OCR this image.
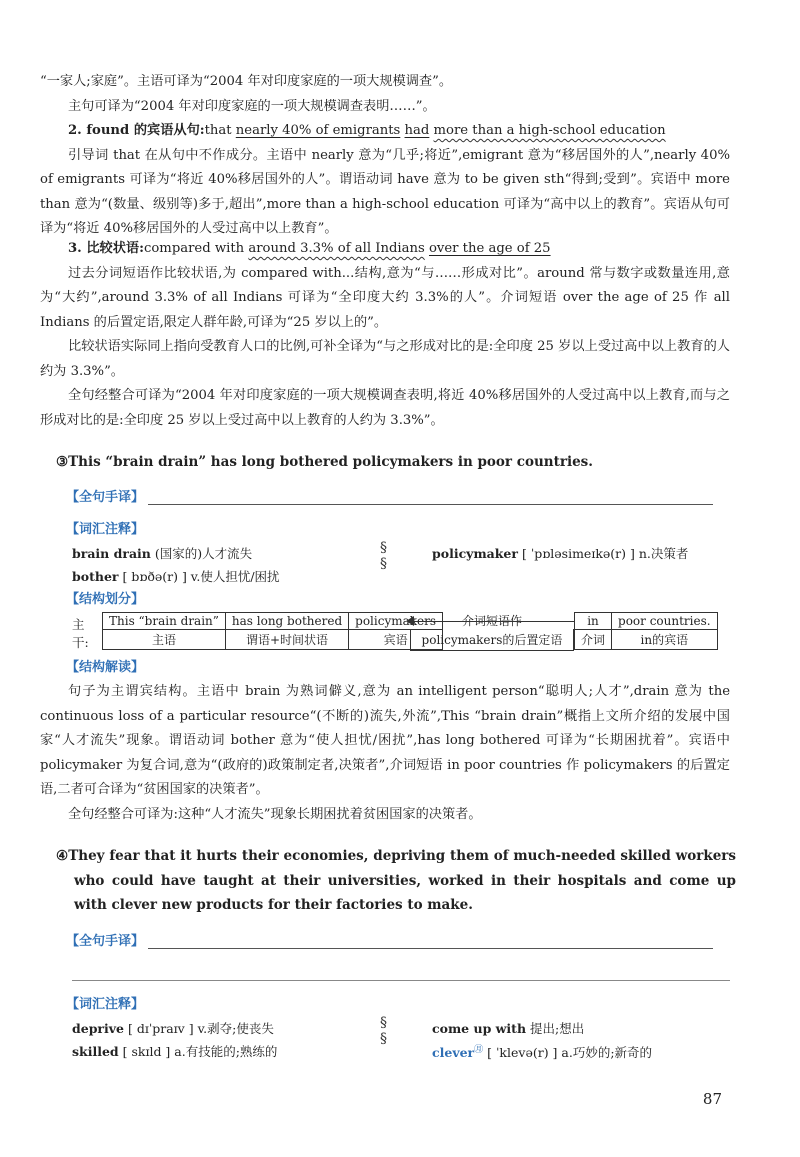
“一家人;家庭”。主语可译为“2004 年对印度家庭的一项大规模调查”。

主句可译为“2004 年对印度家庭的一项大规模调查表明……”。

2. found 的宾语从句:that nearly 40% of emigrants had more than a high-school education

引导词 that 在从句中不作成分。主语中 nearly 意为“几乎;将近”,emigrant 意为“移居国外的人”,nearly 40% of emigrants 可译为“将近 40%移居国外的人”。谓语动词 have 意为 to be given sth“得到;受到”。宾语中 more than 意为“(数量、级别等)多于,超出”,more than a high-school education 可译为“高中以上的教育”。宾语从句可译为“将近 40%移居国外的人受过高中以上教育”。

3. 比较状语:compared with around 3.3% of all Indians over the age of 25

过去分词短语作比较状语,为 compared with...结构,意为“与……形成对比”。around 常与数字或数量连用,意为“大约”,around 3.3% of all Indians 可译为“全印度大约 3.3%的人”。介词短语 over the age of 25 作 all Indians 的后置定语,限定人群年龄,可译为“25 岁以上的”。

比较状语实际同上指向受教育人口的比例,可补全译为“与之形成对比的是:全印度 25 岁以上受过高中以上教育的人约为 3.3%”。

全句经整合可译为“2004 年对印度家庭的一项大规模调查表明,将近 40%移居国外的人受过高中以上教育,而与之形成对比的是:全印度 25 岁以上受过高中以上教育的人约为 3.3%”。

③This “brain drain” has long bothered policymakers in poor countries.

【全句手译】
【词汇注释】
brain drain (国家的)人才流失
bother [ bɒðə(r) ] v.使人担忧/困扰
§
§
policymaker [ ˈpɒləsimeɪkə(r) ] n.决策者
【结构划分】
主干:
This “brain drain”	has long bothered	policymakers
主语	谓语+时间状语	宾语
介词短语作
policymakers的后置定语
in	poor countries.
介词	in的宾语
【结构解读】

句子为主谓宾结构。主语中 brain 为熟词僻义,意为 an intelligent person“聪明人;人才”,drain 意为 the continuous loss of a particular resource“(不断的)流失,外流”,This “brain drain”概指上文所介绍的发展中国家“人才流失”现象。谓语动词 bother 意为“使人担忧/困扰”,has long bothered 可译为“长期困扰着”。宾语中 policymaker 为复合词,意为“(政府的)政策制定者,决策者”,介词短语 in poor countries 作 policymakers 的后置定语,二者可合译为“贫困国家的决策者”。

全句经整合可译为:这种“人才流失”现象长期困扰着贫困国家的决策者。

④They fear that it hurts their economies, depriving them of much-needed skilled workers who could have taught at their universities, worked in their hospitals and come up with clever new products for their factories to make.

【全句手译】
【词汇注释】
deprive [ dɪˈpraɪv ] v.剥夺;使丧失
skilled [ skɪld ] a.有技能的;熟练的
§
§
come up with 提出;想出
clever㊊ [ ˈklevə(r) ] a.巧妙的;新奇的
87
